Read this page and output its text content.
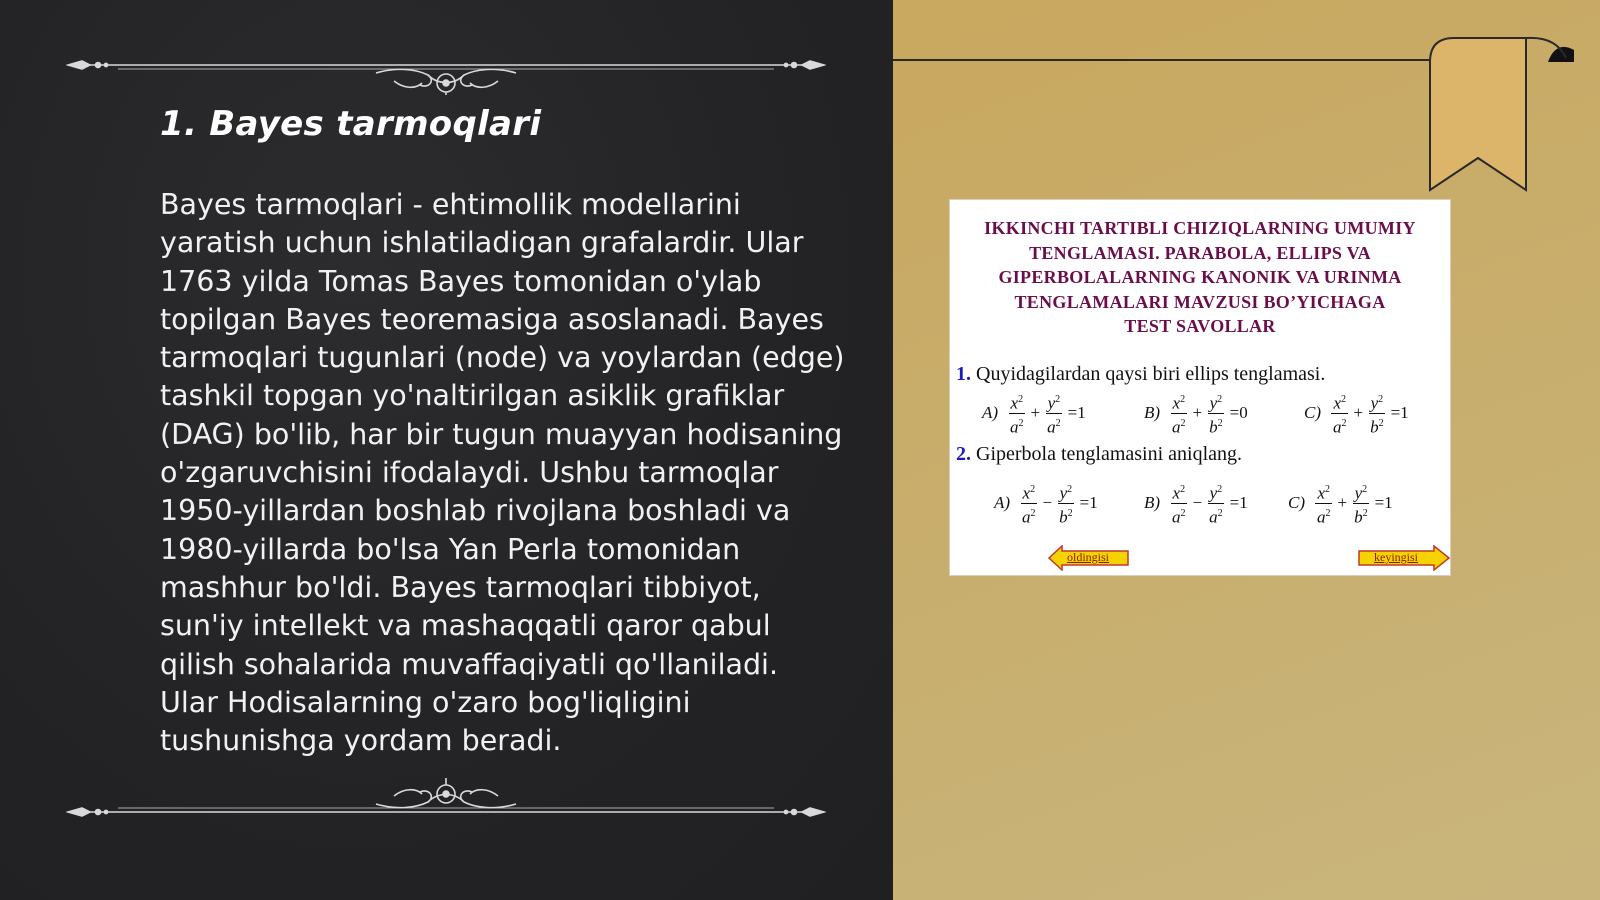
1. Bayes tarmoqlari

Bayes tarmoqlari - ehtimollik modellarini yaratish uchun ishlatiladigan grafalardir. Ular 1763 yilda Tomas Bayes tomonidan o'ylab topilgan Bayes teoremasiga asoslanadi. Bayes tarmoqlari tugunlari (node) va yoylardan (edge) tashkil topgan yo'naltirilgan asiklik grafiklar (DAG) bo'lib, har bir tugun muayyan hodisaning o'zgaruvchisini ifodalaydi. Ushbu tarmoqlar 1950-yillardan boshlab rivojlana boshladi va 1980-yillarda bo'lsa Yan Perla tomonidan mashhur bo'ldi. Bayes tarmoqlari tibbiyot, sun'iy intellekt va mashaqqatli qaror qabul qilish sohalarida muvaffaqiyatli qo'llaniladi. Ular Hodisalarning o'zaro bog'liqligini tushunishga yordam beradi.

IKKINCHI TARTIBLI CHIZIQLARNING UMUMIY
TENGLAMASI. PARABOLA, ELLIPS VA
GIPERBOLALARNING KANONIK VA URINMA
TENGLAMALARI MAVZUSI BO’YICHAGA
TEST SAVOLLAR
1. Quyidagilardan qaysi biri ellips tenglamasi.
$A) \frac{x^2}{a^2} + \frac{y^2}{a^2} =1$	$B) \frac{x^2}{a^2} + \frac{y^2}{b^2} =0$	$C) \frac{x^2}{a^2} + \frac{y^2}{b^2} =1$
2. Giperbola tenglamasini aniqlang.
$A) \frac{x^2}{a^2} - \frac{y^2}{b^2} =1$	$B) \frac{x^2}{a^2} - \frac{y^2}{a^2} =1$ $C) \frac{x^2}{a^2} + \frac{y^2}{b^2} =1$
oldingisi	keyingisi
